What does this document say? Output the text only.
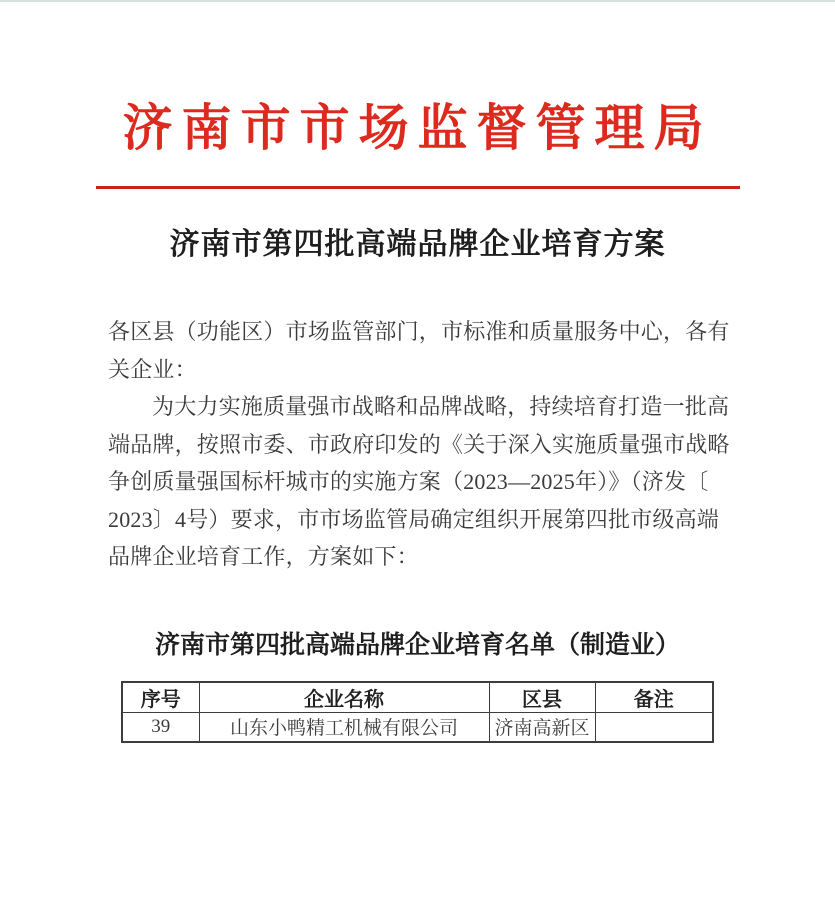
济南市市场监督管理局
济南市第四批高端品牌企业培育方案
各区县（功能区）市场监管部门，市标准和质量服务中心，各有
关企业：
为大力实施质量强市战略和品牌战略，持续培育打造一批高
端品牌，按照市委、市政府印发的《关于深入实施质量强市战略
争创质量强国标杆城市的实施方案（2023—2025年）》（济发〔
2023〕4号）要求，市市场监管局确定组织开展第四批市级高端
品牌企业培育工作，方案如下：
济南市第四批高端品牌企业培育名单（制造业）
序号	企业名称	区县	备注
39	山东小鸭精工机械有限公司	济南高新区	
